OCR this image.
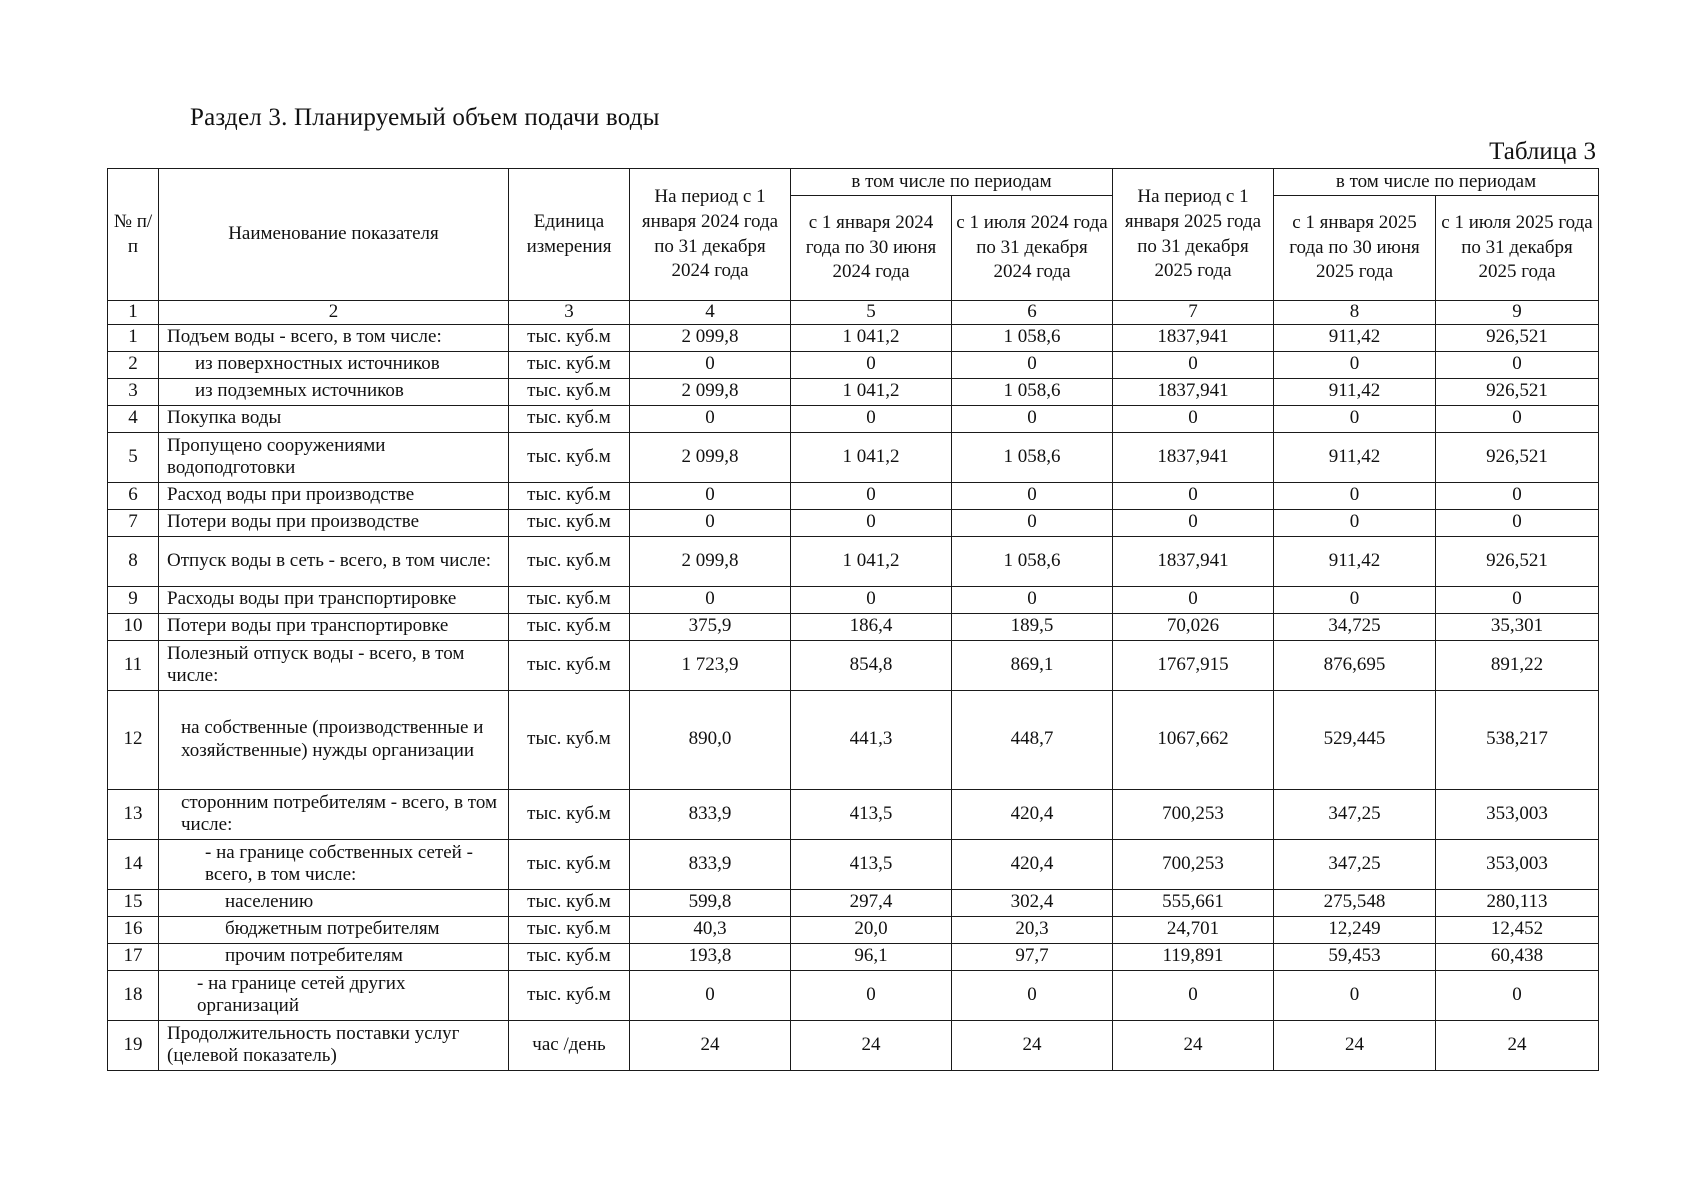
Раздел 3. Планируемый объем подачи воды
Таблица 3
№ п/п	Наименование показателя	Единица измерения	На период с 1 января 2024 года по 31 декабря 2024 года	в том числе по периодам		На период с 1 января 2025 года по 31 декабря 2025 года	в том числе по периодам	
				с 1 января 2024 года по 30 июня 2024 года	с 1 июля 2024 года по 31 декабря 2024 года		с 1 января 2025 года по 30 июня 2025 года	с 1 июля 2025 года по 31 декабря 2025 года
1	2	3	4	5	6	7	8	9
1	Подъем воды - всего, в том числе:	тыс. куб.м	2 099,8	1 041,2	1 058,6	1837,941	911,42	926,521
2	из поверхностных источников	тыс. куб.м	0	0	0	0	0	0
3	из подземных источников	тыс. куб.м	2 099,8	1 041,2	1 058,6	1837,941	911,42	926,521
4	Покупка воды	тыс. куб.м	0	0	0	0	0	0
5	Пропущено сооружениями водоподготовки	тыс. куб.м	2 099,8	1 041,2	1 058,6	1837,941	911,42	926,521
6	Расход воды при производстве	тыс. куб.м	0	0	0	0	0	0
7	Потери воды при производстве	тыс. куб.м	0	0	0	0	0	0
8	Отпуск воды в сеть - всего, в том числе:	тыс. куб.м	2 099,8	1 041,2	1 058,6	1837,941	911,42	926,521
9	Расходы воды при транспортировке	тыс. куб.м	0	0	0	0	0	0
10	Потери воды при транспортировке	тыс. куб.м	375,9	186,4	189,5	70,026	34,725	35,301
11	Полезный отпуск воды - всего, в том числе:	тыс. куб.м	1 723,9	854,8	869,1	1767,915	876,695	891,22
12	на собственные (производственные и хозяйственные) нужды организации	тыс. куб.м	890,0	441,3	448,7	1067,662	529,445	538,217
13	сторонним потребителям - всего, в том числе:	тыс. куб.м	833,9	413,5	420,4	700,253	347,25	353,003
14	- на границе собственных сетей - всего, в том числе:	тыс. куб.м	833,9	413,5	420,4	700,253	347,25	353,003
15	населению	тыс. куб.м	599,8	297,4	302,4	555,661	275,548	280,113
16	бюджетным потребителям	тыс. куб.м	40,3	20,0	20,3	24,701	12,249	12,452
17	прочим потребителям	тыс. куб.м	193,8	96,1	97,7	119,891	59,453	60,438
18	- на границе сетей других организаций	тыс. куб.м	0	0	0	0	0	0
19	Продолжительность поставки услуг (целевой показатель)	час /день	24	24	24	24	24	24
